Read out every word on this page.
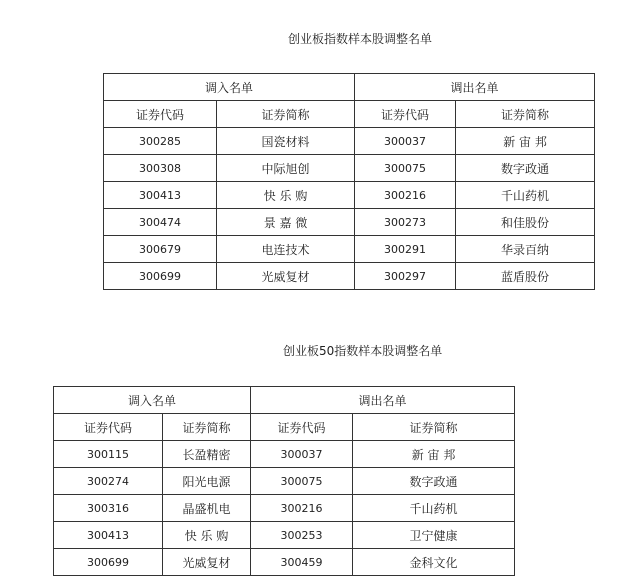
创业板指数样本股调整名单
调入名单		调出名单	
证券代码	证券简称	证券代码	证券简称
300285	国瓷材料	300037	新 宙 邦
300308	中际旭创	300075	数字政通
300413	快 乐 购	300216	千山药机
300474	景 嘉 微	300273	和佳股份
300679	电连技术	300291	华录百纳
300699	光威复材	300297	蓝盾股份
创业板50指数样本股调整名单
调入名单		调出名单	
证券代码	证券简称	证券代码	证券简称
300115	长盈精密	300037	新 宙 邦
300274	阳光电源	300075	数字政通
300316	晶盛机电	300216	千山药机
300413	快 乐 购	300253	卫宁健康
300699	光威复材	300459	金科文化
